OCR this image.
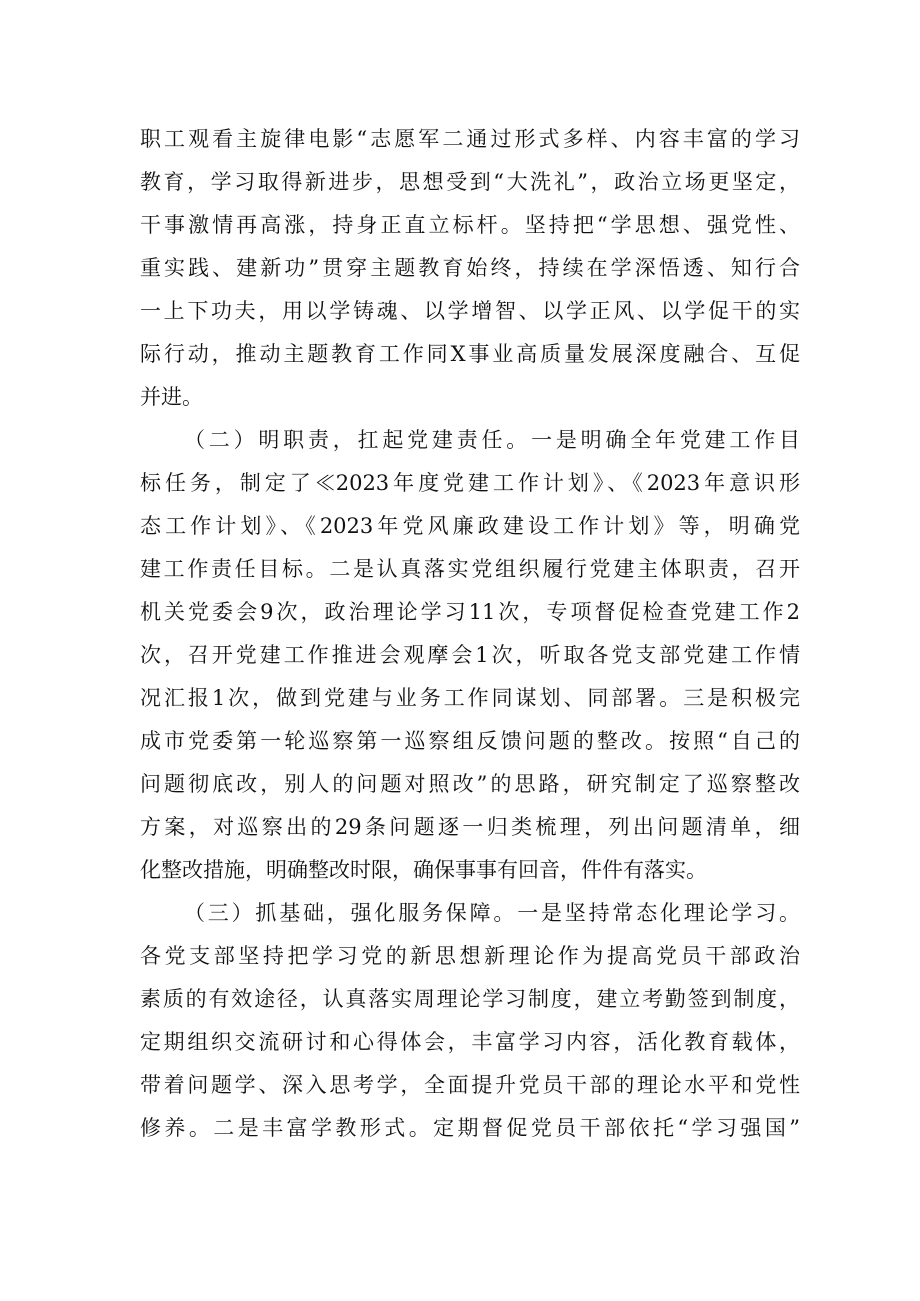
职工观看主旋律电影“志愿军二通过形式多样、内容丰富的学习
教育，学习取得新进步，思想受到“大洗礼”，政治立场更坚定，
干事激情再高涨，持身正直立标杆。坚持把“学思想、强党性、
重实践、建新功”贯穿主题教育始终，持续在学深悟透、知行合
一上下功夫，用以学铸魂、以学增智、以学正风、以学促干的实
际行动，推动主题教育工作同X事业高质量发展深度融合、互促
并进。
（二）明职责，扛起党建责任。一是明确全年党建工作目
标任务，制定了≪2023年度党建工作计划》、《2023年意识形
态工作计划》、《2023年党风廉政建设工作计划》等，明确党
建工作责任目标。二是认真落实党组织履行党建主体职责，召开
机关党委会9次，政治理论学习11次，专项督促检查党建工作2
次，召开党建工作推进会观摩会1次，听取各党支部党建工作情
况汇报1次，做到党建与业务工作同谋划、同部署。三是积极完
成市党委第一轮巡察第一巡察组反馈问题的整改。按照“自己的
问题彻底改，别人的问题对照改”的思路，研究制定了巡察整改
方案，对巡察出的29条问题逐一归类梳理，列出问题清单，细
化整改措施，明确整改时限，确保事事有回音，件件有落实。
（三）抓基础，强化服务保障。一是坚持常态化理论学习。
各党支部坚持把学习党的新思想新理论作为提高党员干部政治
素质的有效途径，认真落实周理论学习制度，建立考勤签到制度，
定期组织交流研讨和心得体会，丰富学习内容，活化教育载体，
带着问题学、深入思考学，全面提升党员干部的理论水平和党性
修养。二是丰富学教形式。定期督促党员干部依托“学习强国”
